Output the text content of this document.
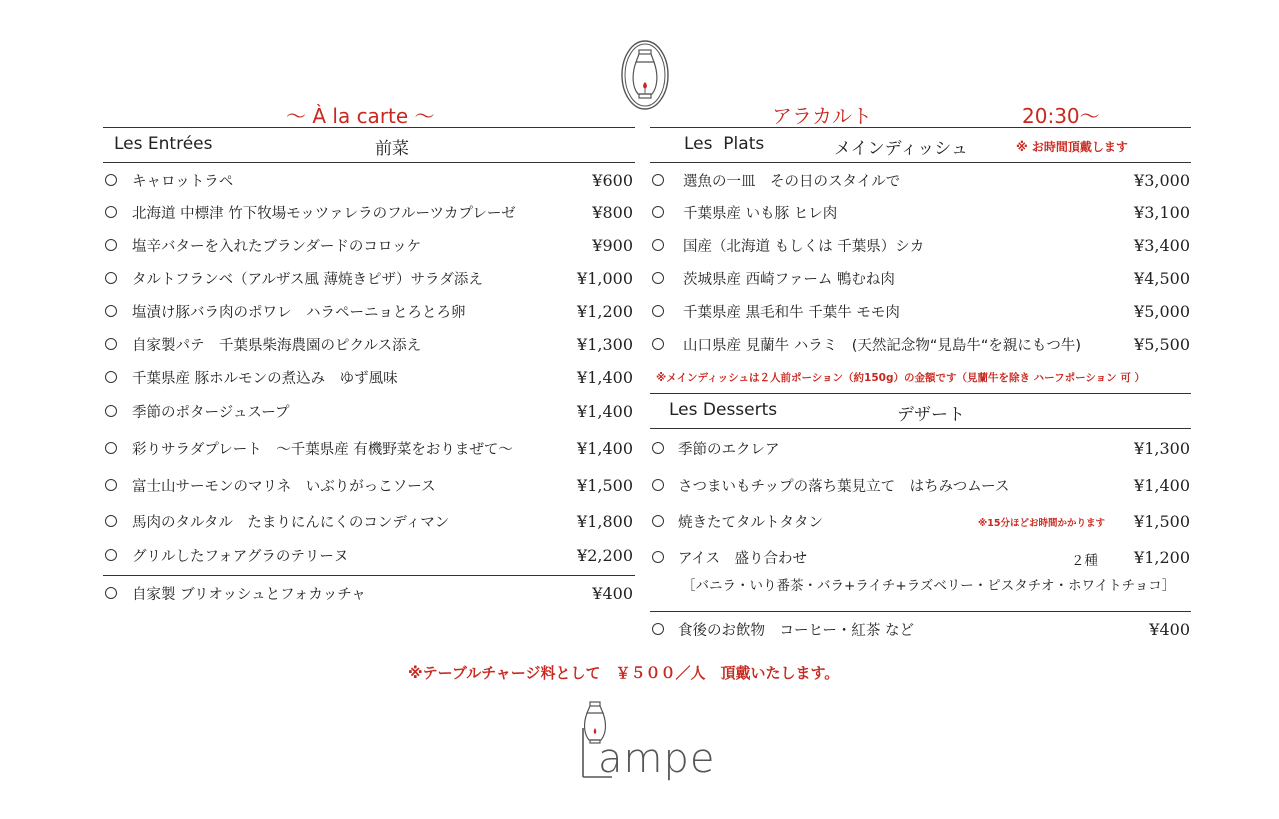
～ À la carte ～	アラカルト	20:30～
Les Entrées	前菜
キャロットラペ	¥600
北海道 中標津 竹下牧場モッツァレラのフルーツカプレーゼ	¥800
塩辛バターを入れたブランダードのコロッケ	¥900
タルトフランベ（アルザス風 薄焼きピザ）サラダ添え	¥1,000
塩漬け豚バラ肉のポワレ　ハラペーニョとろとろ卵	¥1,200
自家製パテ　千葉県柴海農園のピクルス添え	¥1,300
千葉県産 豚ホルモンの煮込み　ゆず風味	¥1,400
季節のポタージュスープ	¥1,400
彩りサラダプレート　～千葉県産 有機野菜をおりまぜて～	¥1,400
富士山サーモンのマリネ　いぶりがっこソース	¥1,500
馬肉のタルタル　たまりにんにくのコンディマン	¥1,800
グリルしたフォアグラのテリーヌ	¥2,200
自家製 ブリオッシュとフォカッチャ	¥400
Les  Plats	メインディッシュ	※ お時間頂戴します
選魚の一皿　その日のスタイルで	¥3,000
千葉県産 いも豚 ヒレ肉	¥3,100
国産（北海道 もしくは 千葉県）シカ	¥3,400
茨城県産 西崎ファーム 鴨むね肉	¥4,500
千葉県産 黒毛和牛 千葉牛 モモ肉	¥5,000
山口県産 見蘭牛 ハラミ　(天然記念物“見島牛“を親にもつ牛)	¥5,500
※メインディッシュは２人前ポーション（約150g）の金額です（見蘭牛を除き ハーフポーション 可 ）
Les Desserts	デザート
季節のエクレア	¥1,300
さつまいもチップの落ち葉見立て　はちみつムース	¥1,400
焼きたてタルトタタン	¥1,500
アイス　盛り合わせ	¥1,200
※15分ほどお時間かかります
２種
［バニラ・いり番茶・バラ+ライチ+ラズベリー・ピスタチオ・ホワイトチョコ］
食後のお飲物　コーヒー・紅茶 など	¥400
※テーブルチャージ料として　￥５００／人　頂戴いたします。
ampe
